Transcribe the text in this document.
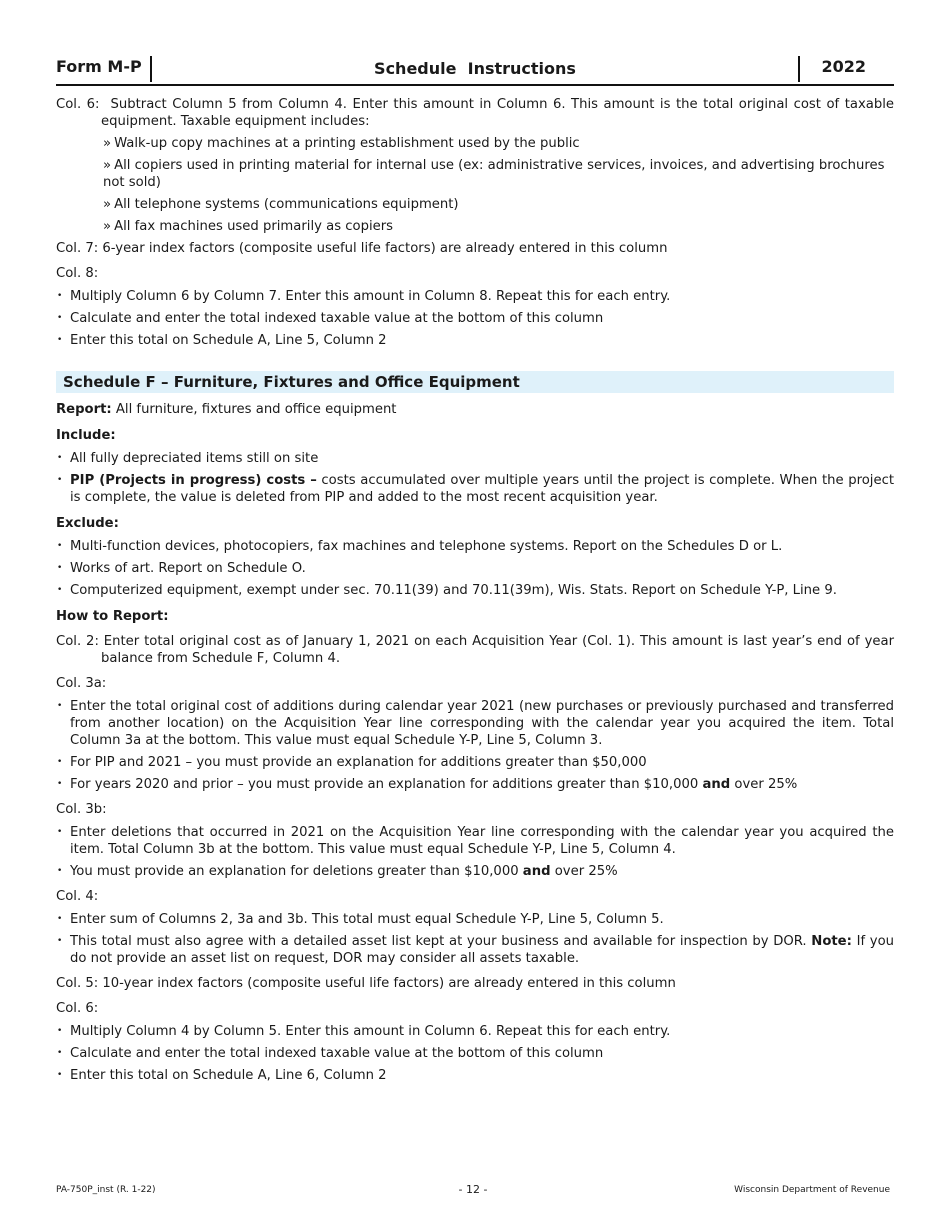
Form M-P	Schedule  Instructions	2022

Col. 6: Subtract Column 5 from Column 4. Enter this amount in Column 6. This amount is the total original cost of taxable equipment. Taxable equipment includes:

» Walk-up copy machines at a printing establishment used by the public
» All copiers used in printing material for internal use (ex: administrative services, invoices, and advertising brochures not sold)
» All telephone systems (communications equipment)
» All fax machines used primarily as copiers

Col. 7: 6-year index factors (composite useful life factors) are already entered in this column

Col. 8:

• Multiply Column 6 by Column 7. Enter this amount in Column 8. Repeat this for each entry.
• Calculate and enter the total indexed taxable value at the bottom of this column
• Enter this total on Schedule A, Line 5, Column 2
Schedule F – Furniture, Fixtures and Office Equipment

Report: All furniture, fixtures and office equipment

Include:

• All fully depreciated items still on site
• PIP (Projects in progress) costs – costs accumulated over multiple years until the project is complete. When the project is complete, the value is deleted from PIP and added to the most recent acquisition year.

Exclude:

• Multi-function devices, photocopiers, fax machines and telephone systems. Report on the Schedules D or L.
• Works of art. Report on Schedule O.
• Computerized equipment, exempt under sec. 70.11(39) and 70.11(39m), Wis. Stats. Report on Schedule Y-P, Line 9.

How to Report:

Col. 2: Enter total original cost as of January 1, 2021 on each Acquisition Year (Col. 1). This amount is last year’s end of year balance from Schedule F, Column 4.

Col. 3a:

• Enter the total original cost of additions during calendar year 2021 (new purchases or previously purchased and transferred from another location) on the Acquisition Year line corresponding with the calendar year you acquired the item. Total Column 3a at the bottom. This value must equal Schedule Y-P, Line 5, Column 3.
• For PIP and 2021 – you must provide an explanation for additions greater than $50,000
• For years 2020 and prior – you must provide an explanation for additions greater than $10,000 and over 25%

Col. 3b:

• Enter deletions that occurred in 2021 on the Acquisition Year line corresponding with the calendar year you acquired the item. Total Column 3b at the bottom. This value must equal Schedule Y-P, Line 5, Column 4.
• You must provide an explanation for deletions greater than $10,000 and over 25%

Col. 4:

• Enter sum of Columns 2, 3a and 3b. This total must equal Schedule Y-P, Line 5, Column 5.
• This total must also agree with a detailed asset list kept at your business and available for inspection by DOR. Note: If you do not provide an asset list on request, DOR may consider all assets taxable.

Col. 5: 10-year index factors (composite useful life factors) are already entered in this column

Col. 6:

• Multiply Column 4 by Column 5. Enter this amount in Column 6. Repeat this for each entry.
• Calculate and enter the total indexed taxable value at the bottom of this column
• Enter this total on Schedule A, Line 6, Column 2
PA-750P_inst (R. 1-22)	- 12 -	Wisconsin Department of Revenue
